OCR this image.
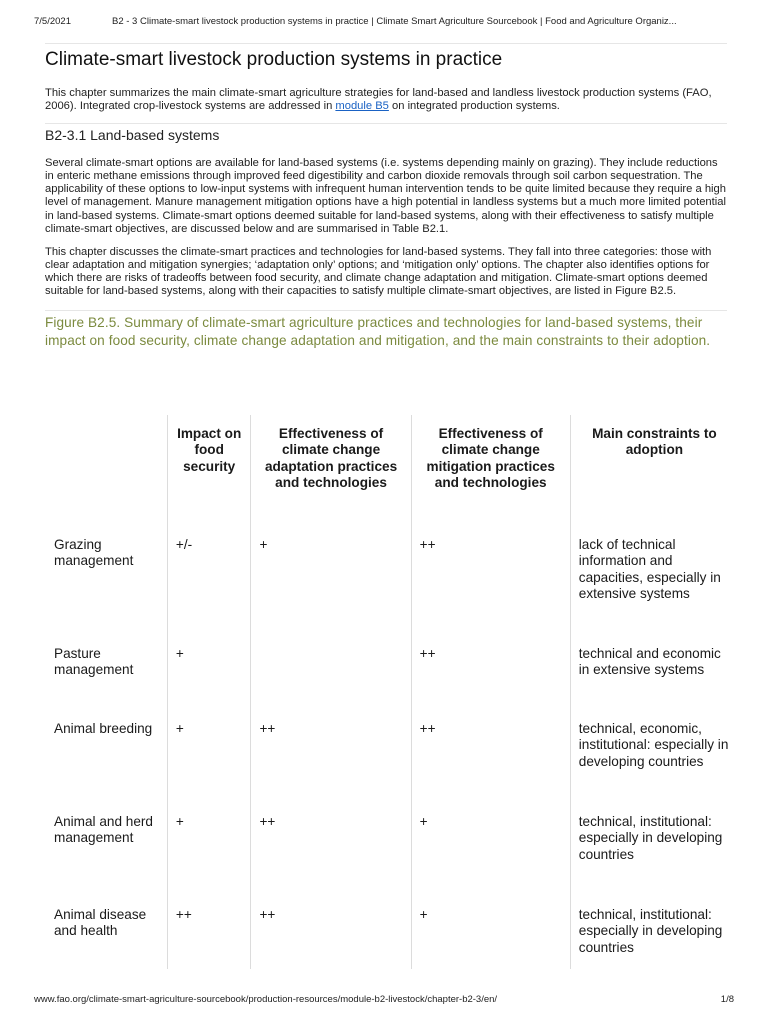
7/5/2021	B2 - 3 Climate-smart livestock production systems in practice | Climate Smart Agriculture Sourcebook | Food and Agriculture Organiz...
Climate-smart livestock production systems in practice

This chapter summarizes the main climate-smart agriculture strategies for land-based and landless livestock production systems (FAO, 2006). Integrated crop-livestock systems are addressed in module B5 on integrated production systems.

B2-3.1 Land-based systems

Several climate-smart options are available for land-based systems (i.e. systems depending mainly on grazing). They include reductions in enteric methane emissions through improved feed digestibility and carbon dioxide removals through soil carbon sequestration. The applicability of these options to low-input systems with infrequent human intervention tends to be quite limited because they require a high level of management. Manure management mitigation options have a high potential in landless systems but a much more limited potential in land-based systems. Climate-smart options deemed suitable for land-based systems, along with their effectiveness to satisfy multiple climate-smart objectives, are discussed below and are summarised in Table B2.1.

This chapter discusses the climate-smart practices and technologies for land-based systems. They fall into three categories: those with clear adaptation and mitigation synergies; ‘adaptation only’ options; and ‘mitigation only’ options. The chapter also identifies options for which there are risks of tradeoffs between food security, and climate change adaptation and mitigation. Climate-smart options deemed suitable for land-based systems, along with their capacities to satisfy multiple climate-smart objectives, are listed in Figure B2.5.

Figure B2.5. Summary of climate-smart agriculture practices and technologies for land-based systems, their impact on food security, climate change adaptation and mitigation, and the main constraints to their adoption.
	Impact on food security	Effectiveness of climate change adaptation practices and technologies	Effectiveness of climate change mitigation practices and technologies	Main constraints to adoption
Grazing management	+/-	+	++	lack of technical information and capacities, especially in extensive systems
Pasture management	+		++	technical and economic in extensive systems
Animal breeding	+	++	++	technical, economic, institutional: especially in developing countries
Animal and herd management	+	++	+	technical, institutional: especially in developing countries
Animal disease and health	++	++	+	technical, institutional: especially in developing countries
www.fao.org/climate-smart-agriculture-sourcebook/production-resources/module-b2-livestock/chapter-b2-3/en/	1/8
